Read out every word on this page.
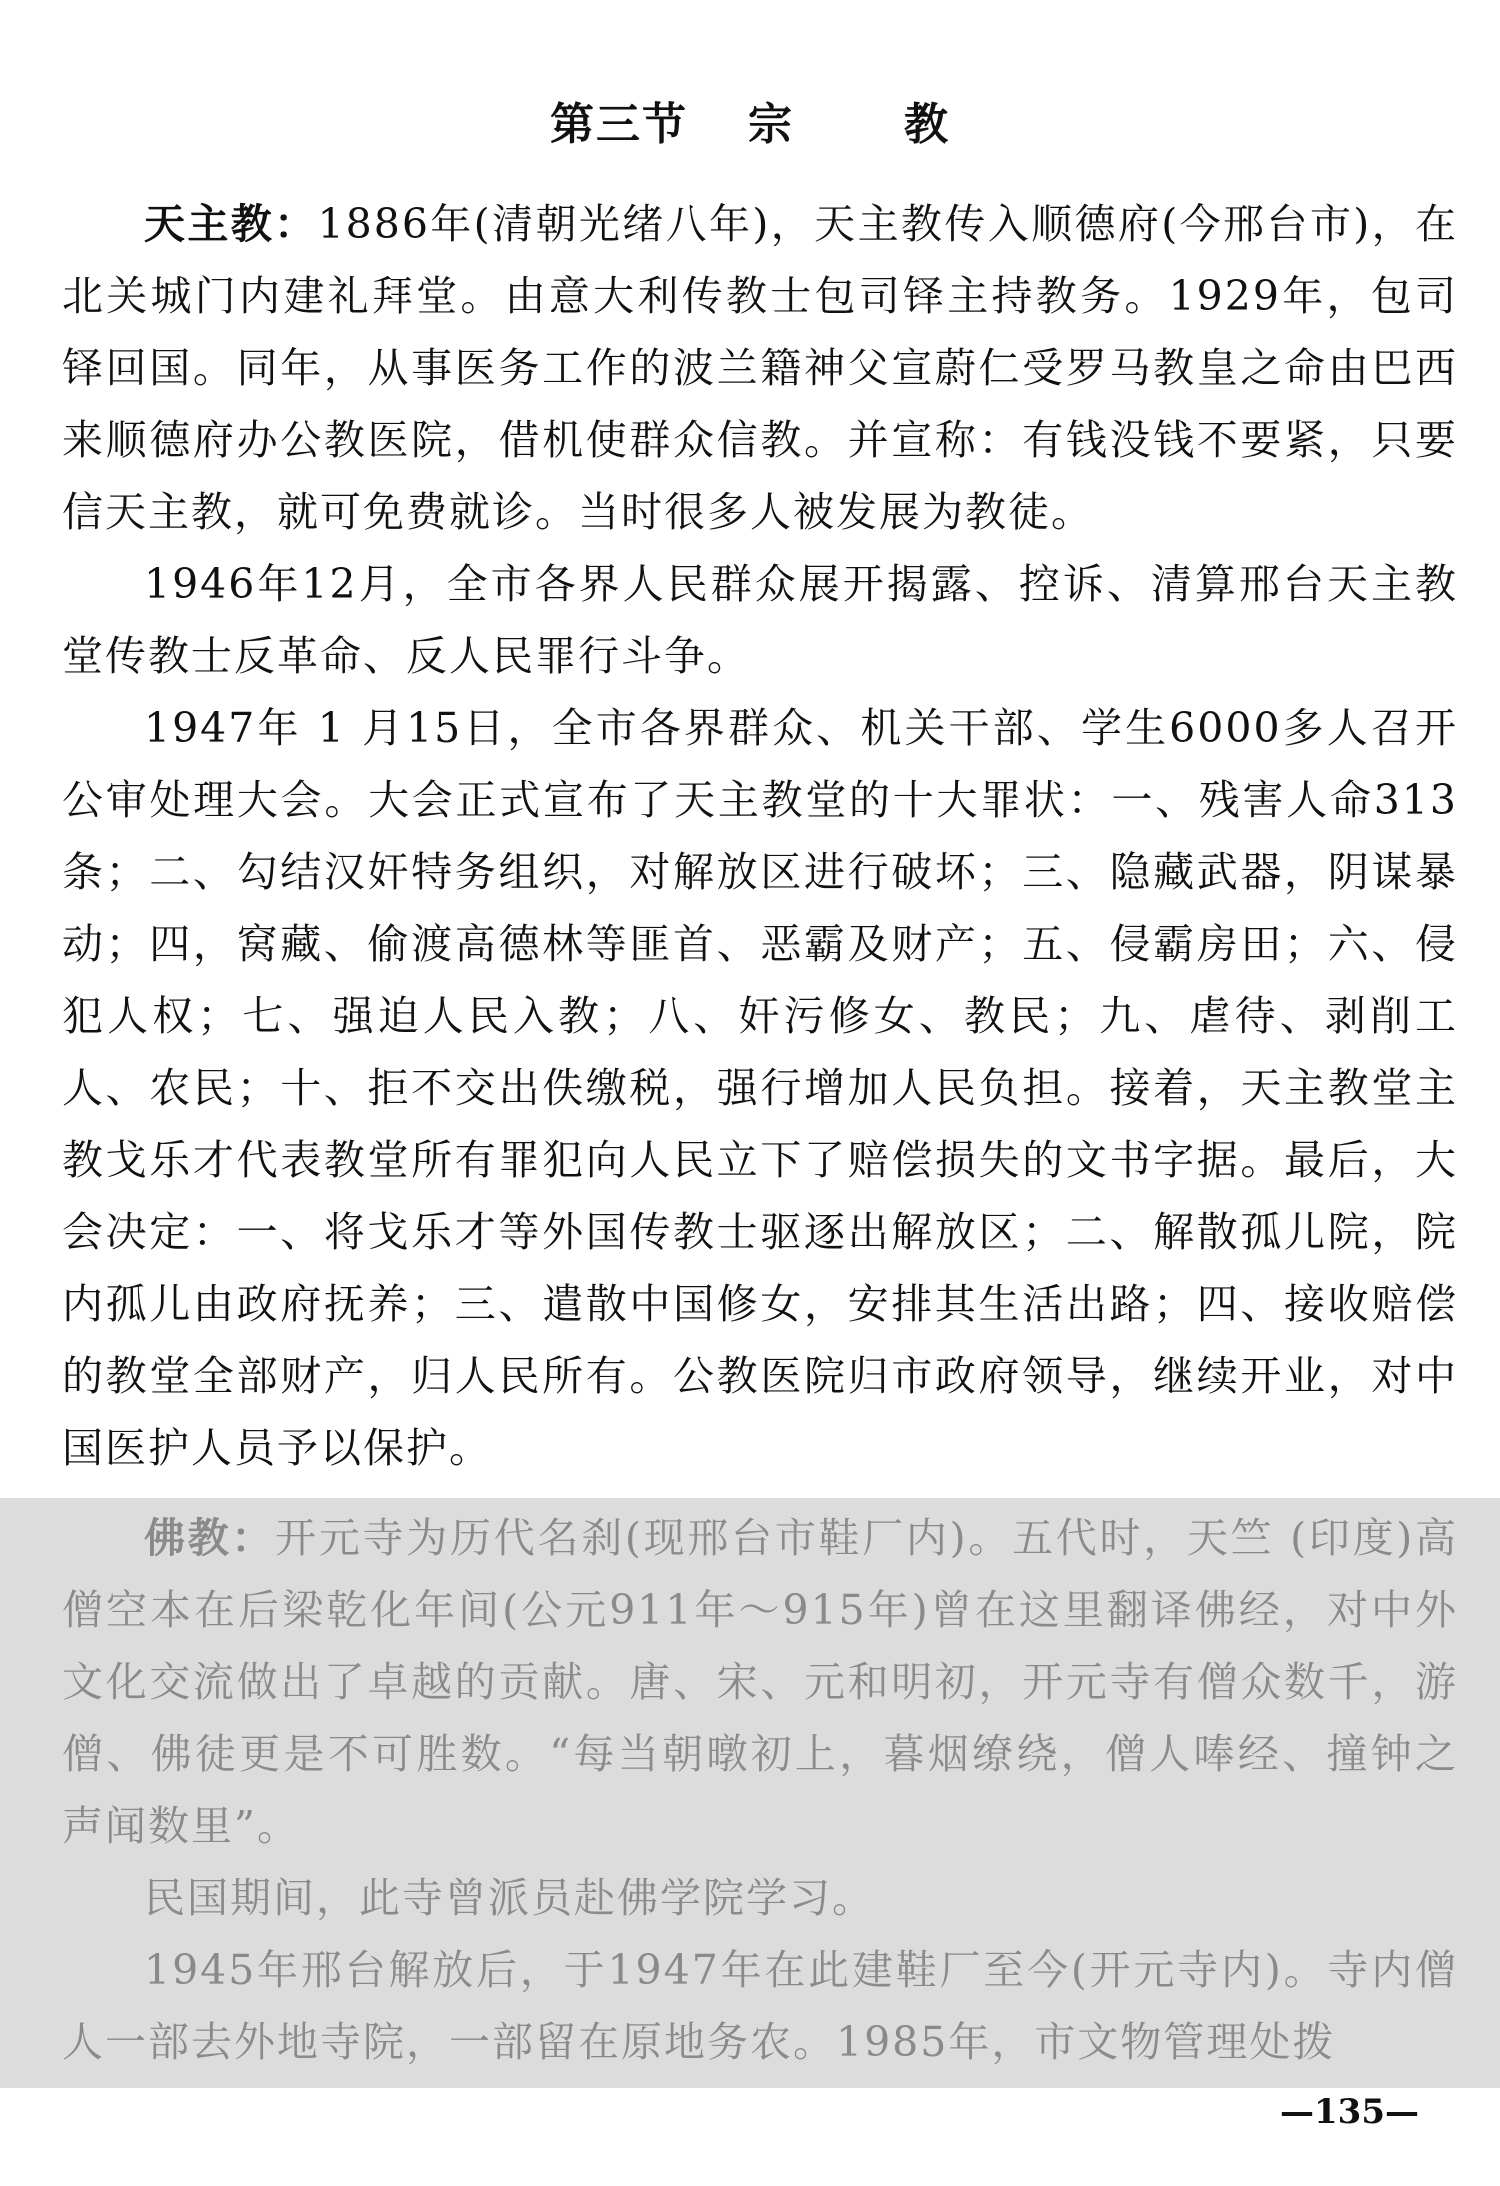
第三节 宗	教

天主教：1886年(清朝光绪八年)，天主教传入顺德府(今邢台市)，在北关城门内建礼拜堂。由意大利传教士包司铎主持教务。1929年，包司铎回国。同年，从事医务工作的波兰籍神父宣蔚仁受罗马教皇之命由巴西来顺德府办公教医院，借机使群众信教。并宣称：有钱没钱不要紧，只要信天主教，就可免费就诊。当时很多人被发展为教徒。

1946年12月，全市各界人民群众展开揭露、控诉、清算邢台天主教堂传教士反革命、反人民罪行斗争。

1947年 1 月15日，全市各界群众、机关干部、学生6000多人召开公审处理大会。大会正式宣布了天主教堂的十大罪状：一、残害人命313条；二、勾结汉奸特务组织，对解放区进行破坏；三、隐藏武器，阴谋暴动；四，窝藏、偷渡高德林等匪首、恶霸及财产；五、侵霸房田；六、侵犯人权；七、强迫人民入教；八、奸污修女、教民；九、虐待、剥削工人、农民；十、拒不交出佚缴税，强行增加人民负担。接着，天主教堂主教戈乐才代表教堂所有罪犯向人民立下了赔偿损失的文书字据。最后，大会决定：一、将戈乐才等外国传教士驱逐出解放区；二、解散孤儿院，院内孤儿由政府抚养；三、遣散中国修女，安排其生活出路；四、接收赔偿的教堂全部财产，归人民所有。公教医院归市政府领导，继续开业，对中国医护人员予以保护。

佛教：开元寺为历代名刹(现邢台市鞋厂内)。五代时，天竺 (印度)高僧空本在后梁乾化年间(公元911年～915年)曾在这里翻译佛经，对中外文化交流做出了卓越的贡献。唐、宋、元和明初，开元寺有僧众数千，游僧、佛徒更是不可胜数。“每当朝暾初上，暮烟缭绕，僧人唪经、撞钟之声闻数里”。

民国期间，此寺曾派员赴佛学院学习。

1945年邢台解放后，于1947年在此建鞋厂至今(开元寺内)。寺内僧人一部去外地寺院，一部留在原地务农。1985年，市文物管理处拨

—135—
